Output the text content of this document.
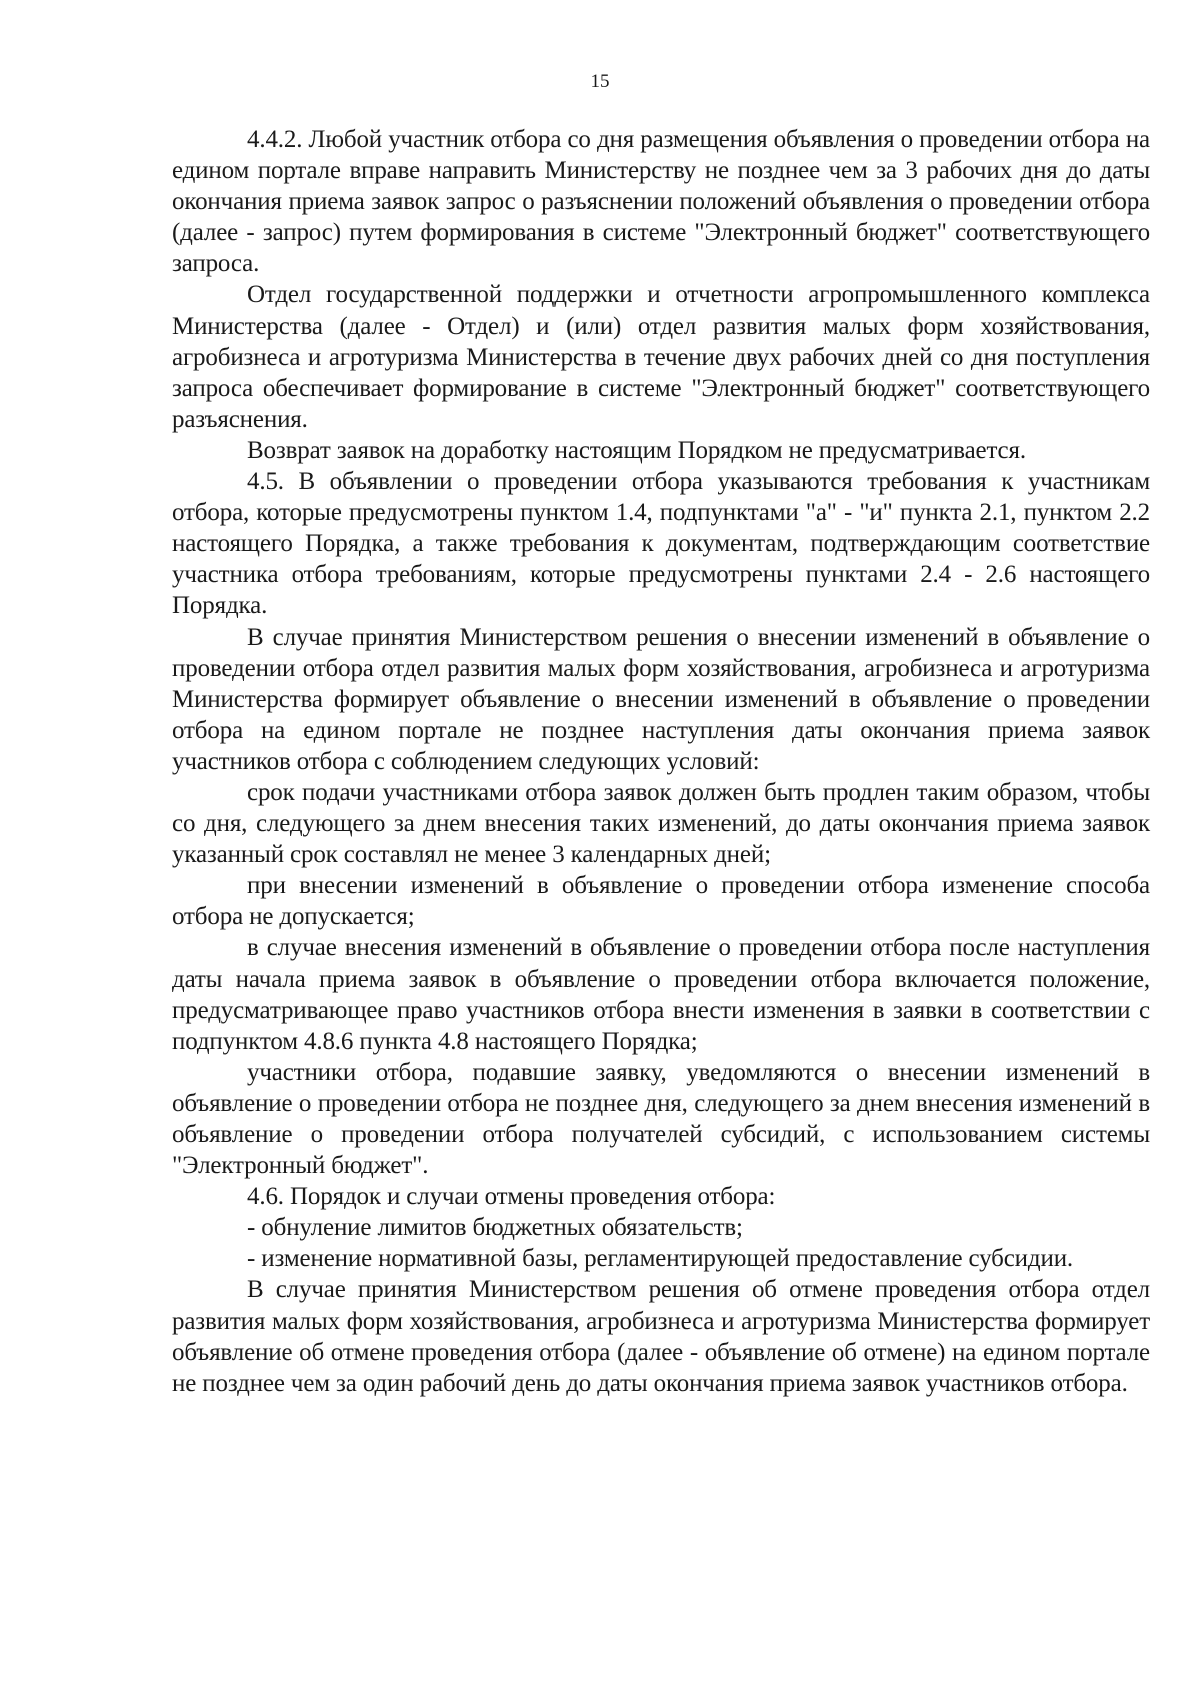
15

4.4.2. Любой участник отбора со дня размещения объявления о проведении отбора на едином портале вправе направить Министерству не позднее чем за 3 рабочих дня до даты окончания приема заявок запрос о разъяснении положений объявления о проведении отбора (далее - запрос) путем формирования в системе "Электронный бюджет" соответствующего запроса.

Отдел государственной поддержки и отчетности агропромышленного комплекса Министерства (далее - Отдел) и (или) отдел развития малых форм хозяйствования, агробизнеса и агротуризма Министерства в течение двух рабочих дней со дня поступления запроса обеспечивает формирование в системе "Электронный бюджет" соответствующего разъяснения.

Возврат заявок на доработку настоящим Порядком не предусматривается.

4.5. В объявлении о проведении отбора указываются требования к участникам отбора, которые предусмотрены пунктом 1.4, подпунктами "а" - "и" пункта 2.1, пунктом 2.2 настоящего Порядка, а также требования к документам, подтверждающим соответствие участника отбора требованиям, которые предусмотрены пунктами 2.4 - 2.6 настоящего Порядка.

В случае принятия Министерством решения о внесении изменений в объявление о проведении отбора отдел развития малых форм хозяйствования, агробизнеса и агротуризма Министерства формирует объявление о внесении изменений в объявление о проведении отбора на едином портале не позднее наступления даты окончания приема заявок участников отбора с соблюдением следующих условий:

срок подачи участниками отбора заявок должен быть продлен таким образом, чтобы со дня, следующего за днем внесения таких изменений, до даты окончания приема заявок указанный срок составлял не менее 3 календарных дней;

при внесении изменений в объявление о проведении отбора изменение способа отбора не допускается;

в случае внесения изменений в объявление о проведении отбора после наступления даты начала приема заявок в объявление о проведении отбора включается положение, предусматривающее право участников отбора внести изменения в заявки в соответствии с подпунктом 4.8.6 пункта 4.8 настоящего Порядка;

участники отбора, подавшие заявку, уведомляются о внесении изменений в объявление о проведении отбора не позднее дня, следующего за днем внесения изменений в объявление о проведении отбора получателей субсидий, с использованием системы "Электронный бюджет".

4.6. Порядок и случаи отмены проведения отбора:

- обнуление лимитов бюджетных обязательств;

- изменение нормативной базы, регламентирующей предоставление субсидии.

В случае принятия Министерством решения об отмене проведения отбора отдел развития малых форм хозяйствования, агробизнеса и агротуризма Министерства формирует объявление об отмене проведения отбора (далее - объявление об отмене) на едином портале не позднее чем за один рабочий день до даты окончания приема заявок участников отбора.
